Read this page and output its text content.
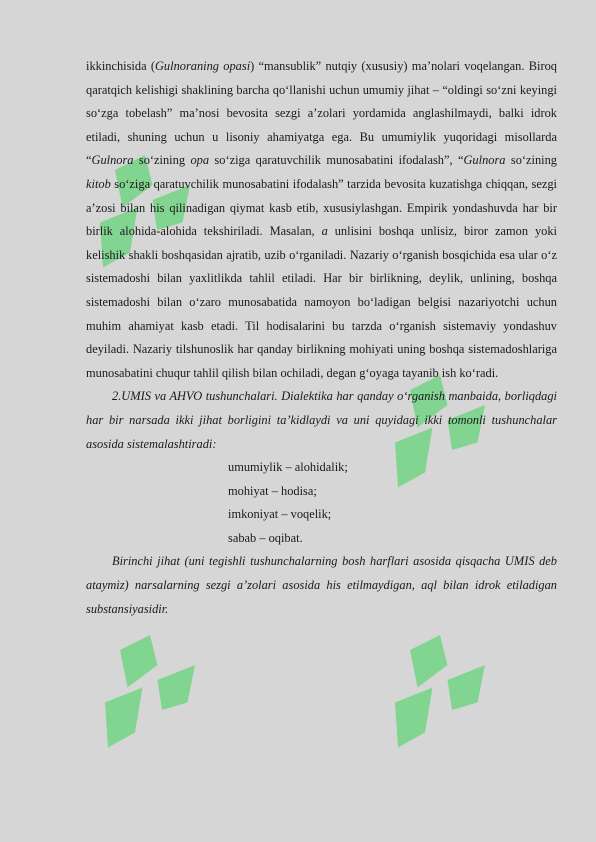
ikkinchisida (Gulnoraning opasi) “mansublik” nutqiy (xususiy) ma’nolari voqelangan. Biroq qaratqich kelishigi shaklining barcha qo‘llanishi uchun umumiy jihat – “oldingi so‘zni keyingi so‘zga tobelash” ma’nosi bevosita sezgi a’zolari yordamida anglashilmaydi, balki idrok etiladi, shuning uchun u lisoniy ahamiyatga ega. Bu umumiylik yuqoridagi misollarda “Gulnora so‘zining opa so‘ziga qaratuvchilik munosabatini ifodalash”, “Gulnora so‘zining kitob so‘ziga qaratuvchilik munosabatini ifodalash” tarzida bevosita kuzatishga chiqqan, sezgi a’zosi bilan his qilinadigan qiymat kasb etib, xususiylashgan. Empirik yondashuvda har bir birlik alohida-alohida tekshiriladi. Masalan, a unlisini boshqa unlisiz, biror zamon yoki kelishik shakli boshqasidan ajratib, uzib o‘rganiladi. Nazariy o‘rganish bosqichida esa ular o‘z sistemadoshi bilan yaxlitlikda tahlil etiladi. Har bir birlikning, deylik, unlining, boshqa sistemadoshi bilan o‘zaro munosabatida namoyon bo‘ladigan belgisi nazariyotchi uchun muhim ahamiyat kasb etadi. Til hodisalarini bu tarzda o‘rganish sistemaviy yondashuv deyiladi. Nazariy tilshunoslik har qanday birlikning mohiyati uning boshqa sistemadoshlariga munosabatini chuqur tahlil qilish bilan ochiladi, degan g‘oyaga tayanib ish ko‘radi.

2.UMIS va AHVO tushunchalari. Dialektika har qanday o‘rganish manbaida, borliqdagi har bir narsada ikki jihat borligini ta’kidlaydi va uni quyidagi ikki tomonli tushunchalar asosida sistemalashtiradi:

umumiylik – alohidalik;
mohiyat – hodisa;
imkoniyat – voqelik;
sabab – oqibat.

Birinchi jihat (uni tegishli tushunchalarning bosh harflari asosida qisqacha UMIS deb ataymiz) narsalarning sezgi a’zolari asosida his etilmaydigan, aql bilan idrok etiladigan substansiyasidir.
